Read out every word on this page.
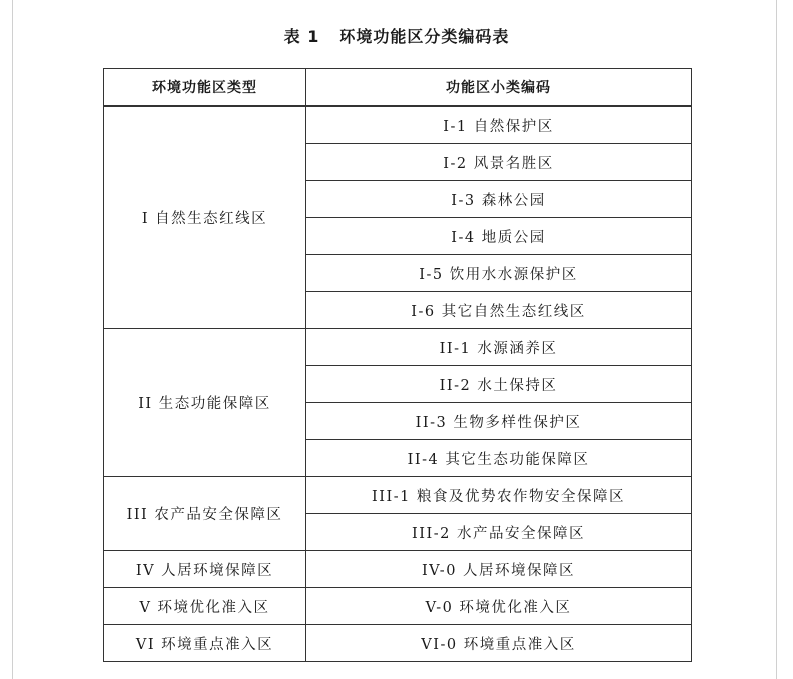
表 1 环境功能区分类编码表
环境功能区类型	功能区小类编码
I 自然生态红线区	I-1 自然保护区
	I-2 风景名胜区
	I-3 森林公园
	I-4 地质公园
	I-5 饮用水水源保护区
	I-6 其它自然生态红线区
II 生态功能保障区	II-1 水源涵养区
	II-2 水土保持区
	II-3 生物多样性保护区
	II-4 其它生态功能保障区
III 农产品安全保障区	III-1 粮食及优势农作物安全保障区
	III-2 水产品安全保障区
IV 人居环境保障区	IV-0 人居环境保障区
V 环境优化准入区	V-0 环境优化准入区
VI 环境重点准入区	VI-0 环境重点准入区
